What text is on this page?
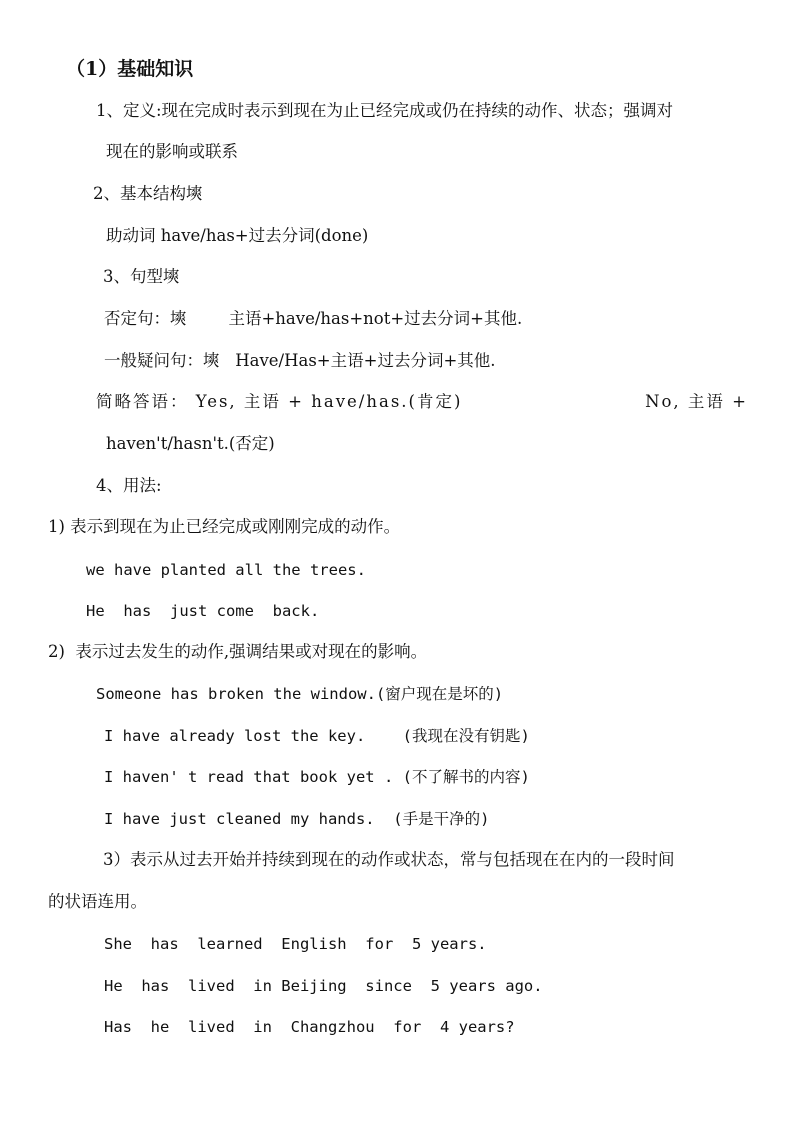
（1）基础知识
1、定义:现在完成时表示到现在为止已经完成或仍在持续的动作、状态；强调对
现在的影响或联系
2、基本结构塽
助动词 have/has+过去分词(done)
3、句型塽
否定句：塽        主语+have/has+not+过去分词+其他.
一般疑问句：塽   Have/Has+主语+过去分词+其他.
简略答语： Yes, 主语 + have/has.(肯定)	No, 主语 +
haven't/hasn't.(否定)
4、用法:
1) 表示到现在为止已经完成或刚刚完成的动作。
we have planted all the trees.
He  has  just come  back.
2)  表示过去发生的动作,强调结果或对现在的影响。
Someone has broken the window.(窗户现在是坏的)
I have already lost the key.    (我现在没有钥匙)
I haven' t read that book yet . (不了解书的内容)
I have just cleaned my hands.  (手是干净的)
3）表示从过去开始并持续到现在的动作或状态，常与包括现在在内的一段时间
的状语连用。
She  has  learned  English  for  5 years.
He  has  lived  in Beijing  since  5 years ago.
Has  he  lived  in  Changzhou  for  4 years?
